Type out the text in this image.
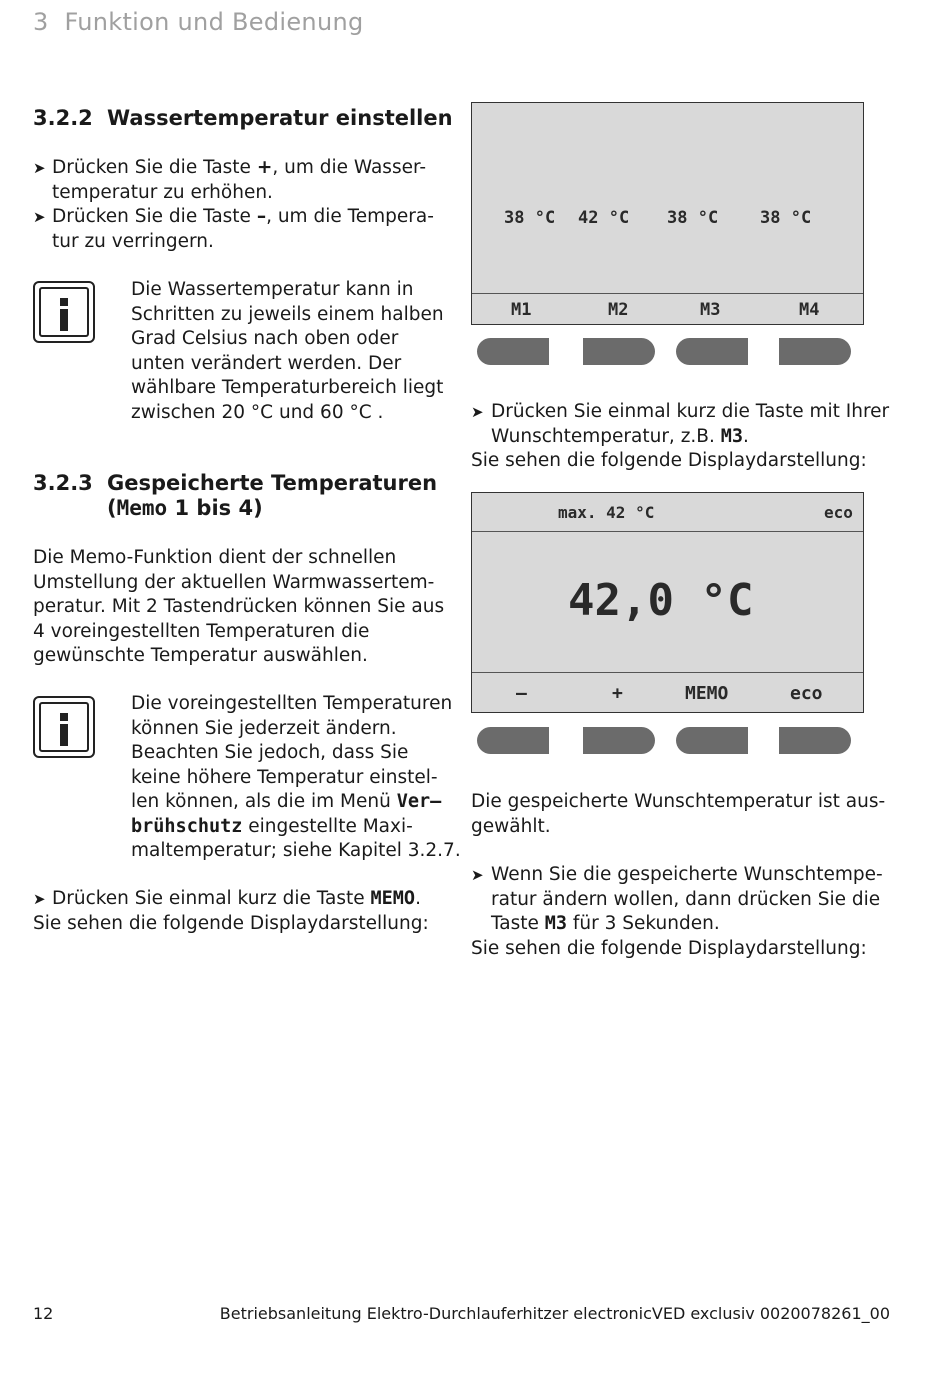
3 Funktion und Bedienung
3.2.2 Wassertemperatur einstellen
➤ Drücken Sie die Taste +, um die Wasser-
temperatur zu erhöhen.
➤ Drücken Sie die Taste –, um die Tempera-
tur zu verringern.
Die Wassertemperatur kann in
Schritten zu jeweils einem halben
Grad Celsius nach oben oder
unten verändert werden. Der
wählbare Temperaturbereich liegt
zwischen 20 °C und 60 °C .
3.2.3 Gespeicherte Temperaturen
(Memo 1 bis 4)
Die Memo-Funktion dient der schnellen
Umstellung der aktuellen Warmwassertem-
peratur. Mit 2 Tastendrücken können Sie aus
4 voreingestellten Temperaturen die
gewünschte Temperatur auswählen.
Die voreingestellten Temperaturen
können Sie jederzeit ändern.
Beachten Sie jedoch, dass Sie
keine höhere Temperatur einstel-
len können, als die im Menü Ver–
brühschutz eingestellte Maxi-
maltemperatur; siehe Kapitel 3.2.7.
➤ Drücken Sie einmal kurz die Taste MEMO.
Sie sehen die folgende Displaydarstellung:
38 °C 42 °C 38 °C 38 °C
M1	M2	M3	M4
➤ Drücken Sie einmal kurz die Taste mit Ihrer
Wunschtemperatur, z.B. M3.
Sie sehen die folgende Displaydarstellung:
max. 42 °C	eco
42,0 °C
–	+	MEMO	eco
Die gespeicherte Wunschtemperatur ist aus-
gewählt.
➤ Wenn Sie die gespeicherte Wunschtempe-
ratur ändern wollen, dann drücken Sie die
Taste M3 für 3 Sekunden.
Sie sehen die folgende Displaydarstellung:
12	Betriebsanleitung Elektro-Durchlauferhitzer electronicVED exclusiv 0020078261_00
